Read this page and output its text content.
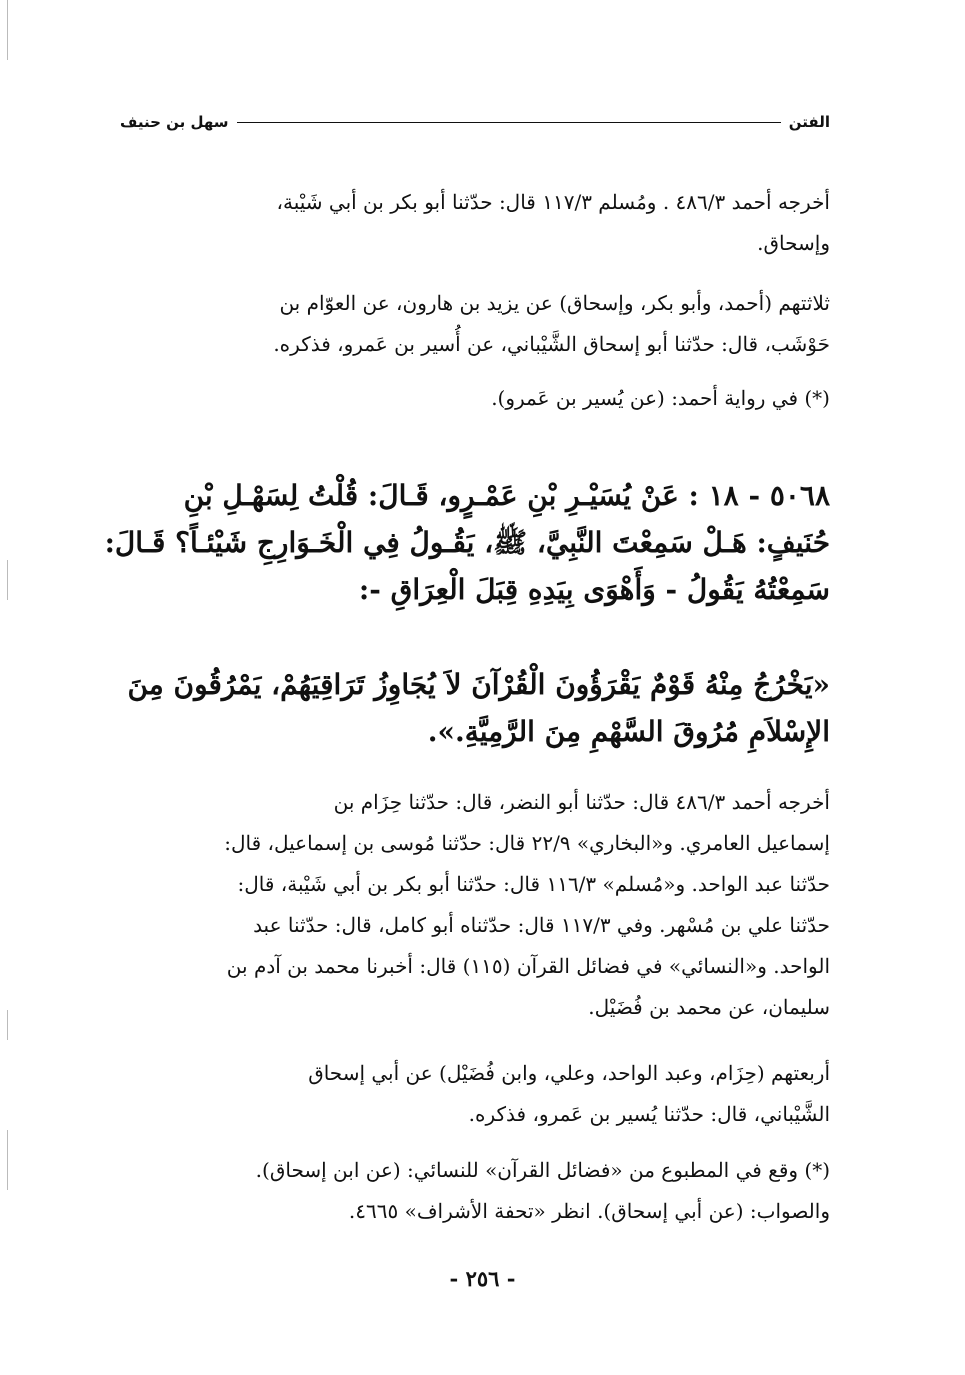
الفتن
سهل بن حنيف
أخرجه أحمد ٤٨٦/٣ . ومُسلم ١١٧/٣ قال: حدّثنا أبو بكر بن أبي شَيْبة،
وإسحاق.
ثلاثتهم (أحمد، وأبو بكر، وإسحاق) عن يزيد بن هارون، عن العوّام بن
حَوْشَب، قال: حدّثنا أبو إسحاق الشَّيْباني، عن أُسير بن عَمرو، فذكره.
(*) في رواية أحمد: (عن يُسير بن عَمرو).
٥٠٦٨ - ١٨ : عَنْ يُسَيْـرِ بْنِ عَمْـرٍو، قَـالَ: قُلْتُ لِسَهْـلِ بْنِ
حُنَيفٍ: هَـلْ سَمِعْتَ النَّبِيَّ، ﷺ، يَقُـولُ فِي الْخَـوَارِجِ شَيْئـاً؟ قَـالَ:
سَمِعْتُهُ يَقُولُ - وَأَهْوَى بِيَدِهِ قِبَلَ الْعِرَاقِ -:
«يَخْرُجُ مِنْهُ قَوْمٌ يَقْرَؤُونَ الْقُرْآنَ لاَ يُجَاوِزُ تَرَاقِيَهُمْ، يَمْرُقُونَ مِنَ
الإِسْلاَمِ مُرُوقَ السَّهْمِ مِنَ الرَّمِيَّةِ.».
أخرجه أحمد ٤٨٦/٣ قال: حدّثنا أبو النضر، قال: حدّثنا حِزَام بن
إسماعيل العامري. و«البخاري» ٢٢/٩ قال: حدّثنا مُوسى بن إسماعيل، قال:
حدّثنا عبد الواحد. و«مُسلم» ١١٦/٣ قال: حدّثنا أبو بكر بن أبي شَيْبة، قال:
حدّثنا علي بن مُسْهر. وفي ١١٧/٣ قال: حدّثناه أبو كامل، قال: حدّثنا عبد
الواحد. و«النسائي» في فضائل القرآن (١١٥) قال: أخبرنا محمد بن آدم بن
سليمان، عن محمد بن فُضَيْل.
أربعتهم (حِزَام، وعبد الواحد، وعلي، وابن فُضَيْل) عن أبي إسحاق
الشَّيْباني، قال: حدّثنا يُسير بن عَمرو، فذكره.
(*) وقع في المطبوع من «فضائل القرآن» للنسائي: (عن ابن إسحاق).
والصواب: (عن أبي إسحاق). انظر «تحفة الأشراف» ٤٦٦٥.
- ٢٥٦ -
